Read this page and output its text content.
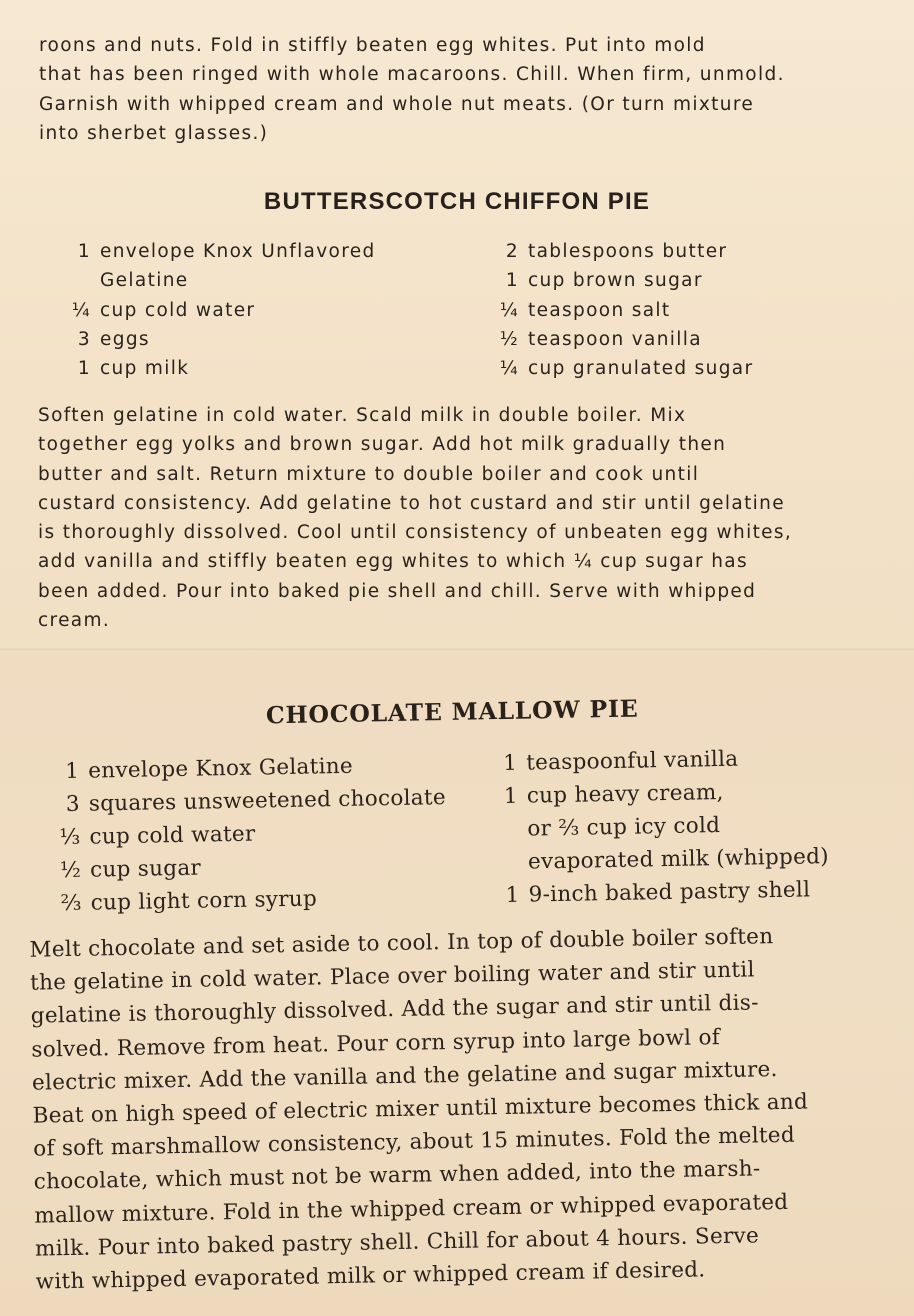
roons and nuts. Fold in stiffly beaten egg whites. Put into mold
that has been ringed with whole macaroons. Chill. When firm, unmold.
Garnish with whipped cream and whole nut meats. (Or turn mixture
into sherbet glasses.)

BUTTERSCOTCH CHIFFON PIE
1 envelope Knox Unflavored
Gelatine
¼ cup cold water
3 eggs
1 cup milk
2 tablespoons butter
1 cup brown sugar
¼ teaspoon salt
½ teaspoon vanilla
¼ cup granulated sugar

Soften gelatine in cold water. Scald milk in double boiler. Mix
together egg yolks and brown sugar. Add hot milk gradually then
butter and salt. Return mixture to double boiler and cook until
custard consistency. Add gelatine to hot custard and stir until gelatine
is thoroughly dissolved. Cool until consistency of unbeaten egg whites,
add vanilla and stiffly beaten egg whites to which ¼ cup sugar has
been added. Pour into baked pie shell and chill. Serve with whipped
cream.

CHOCOLATE MALLOW PIE
1 envelope Knox Gelatine
3 squares unsweetened chocolate
⅓ cup cold water
½ cup sugar
⅔ cup light corn syrup
1 teaspoonful vanilla
1 cup heavy cream,
or ⅔ cup icy cold
evaporated milk (whipped)
1 9-inch baked pastry shell

Melt chocolate and set aside to cool. In top of double boiler soften
the gelatine in cold water. Place over boiling water and stir until
gelatine is thoroughly dissolved. Add the sugar and stir until dis-
solved. Remove from heat. Pour corn syrup into large bowl of
electric mixer. Add the vanilla and the gelatine and sugar mixture.
Beat on high speed of electric mixer until mixture becomes thick and
of soft marshmallow consistency, about 15 minutes. Fold the melted
chocolate, which must not be warm when added, into the marsh-
mallow mixture. Fold in the whipped cream or whipped evaporated
milk. Pour into baked pastry shell. Chill for about 4 hours. Serve
with whipped evaporated milk or whipped cream if desired.
